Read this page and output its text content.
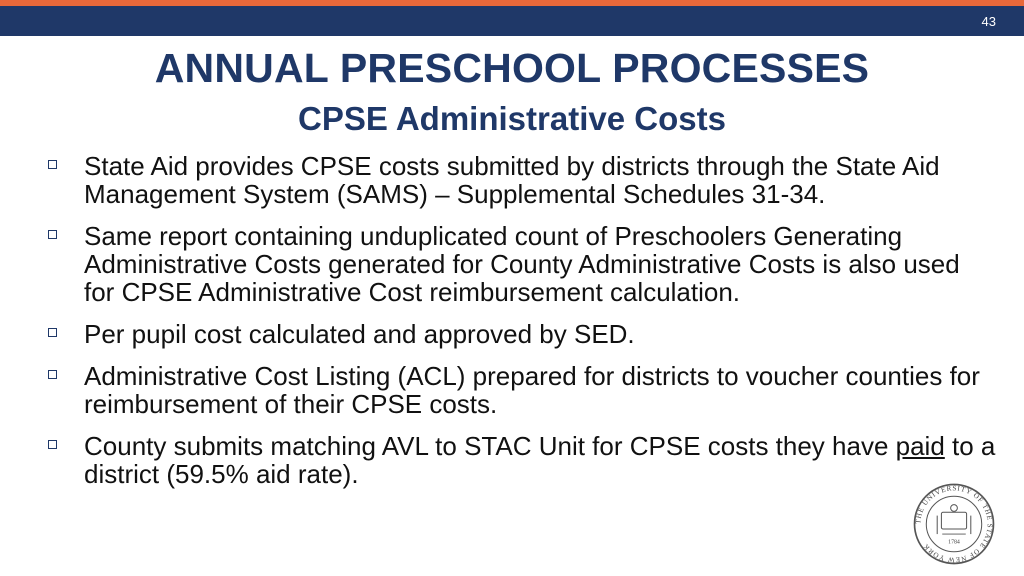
43
ANNUAL PRESCHOOL PROCESSES
CPSE Administrative Costs
State Aid provides CPSE costs submitted by districts through the State Aid Management System (SAMS) – Supplemental Schedules 31-34.
Same report containing unduplicated count of Preschoolers Generating Administrative Costs generated for County Administrative Costs is also used for CPSE Administrative Cost reimbursement calculation.
Per pupil cost calculated and approved by SED.
Administrative Cost Listing (ACL) prepared for districts to voucher counties for reimbursement of their CPSE costs.
County submits matching AVL to STAC Unit for CPSE costs they have paid to a district (59.5% aid rate).
THE UNIVERSITY OF THE STATE OF NEW YORK	1784
